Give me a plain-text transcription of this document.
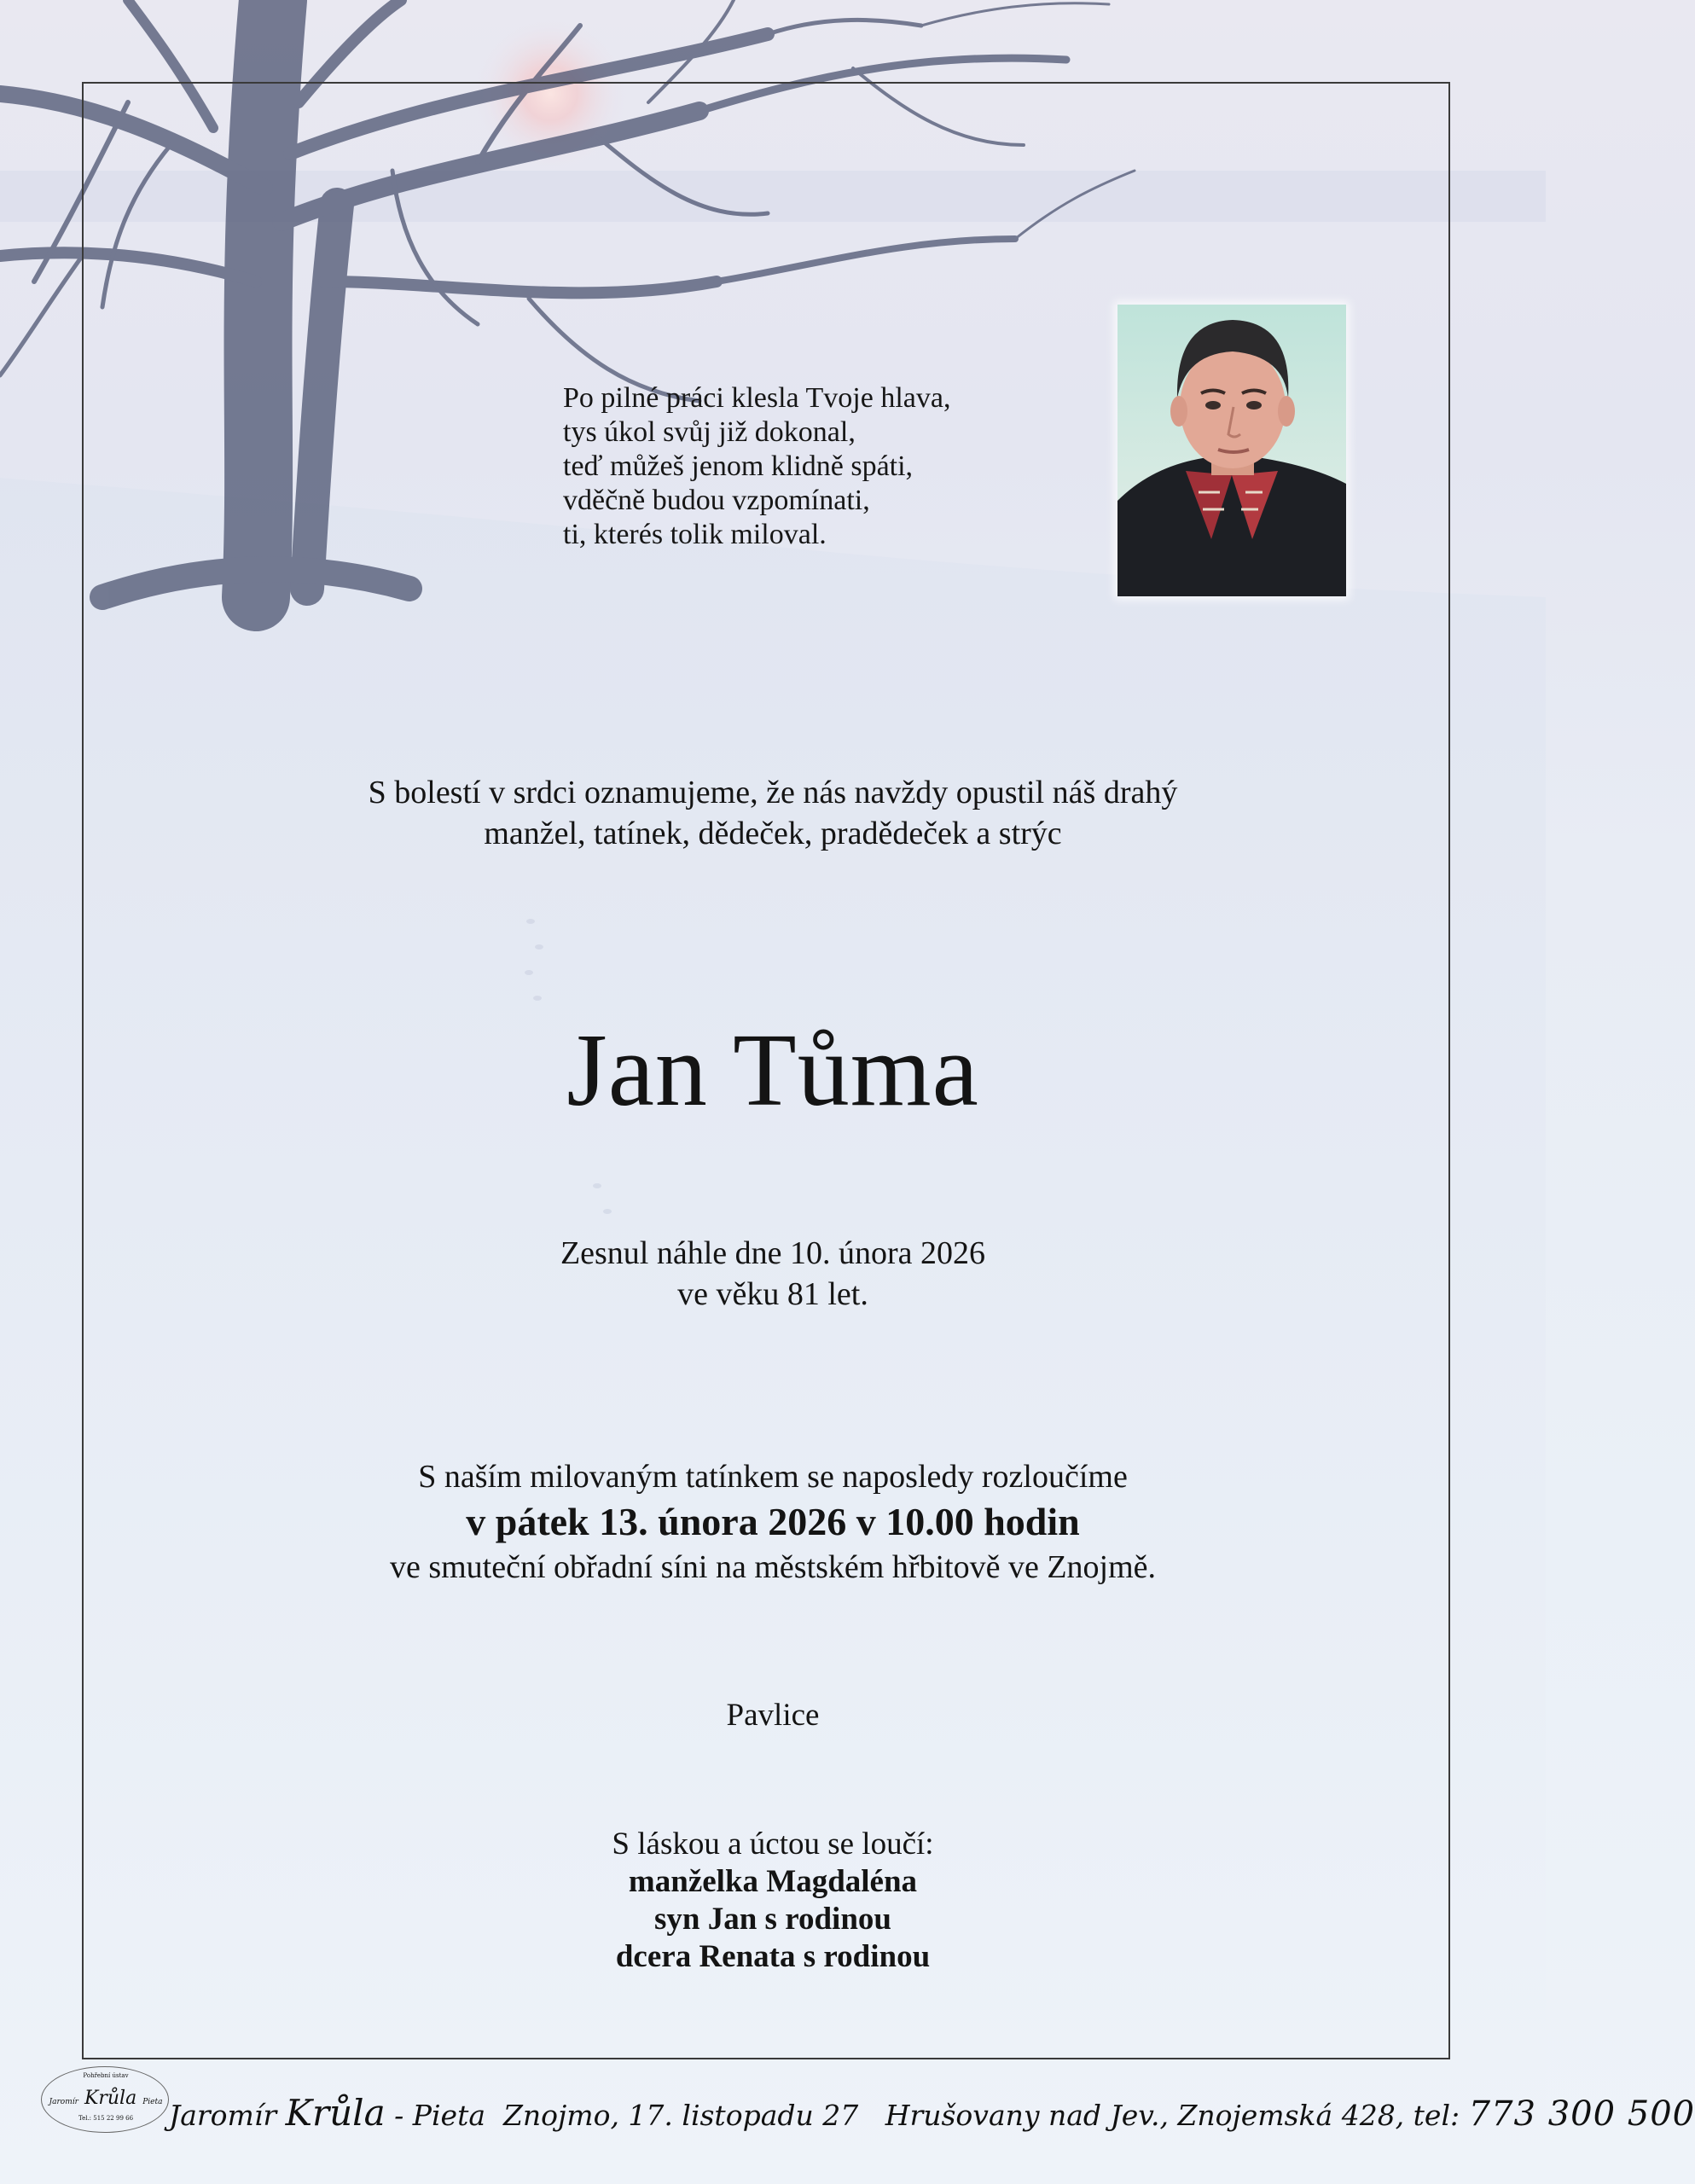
Po pilné práci klesla Tvoje hlava,
tys úkol svůj již dokonal,
teď můžeš jenom klidně spáti,
vděčně budou vzpomínati,
ti, kterés tolik miloval.
S bolestí v srdci oznamujeme, že nás navždy opustil náš drahý
manžel, tatínek, dědeček, pradědeček a strýc
Jan Tůma
Zesnul náhle dne 10. února 2026
ve věku 81 let.
S naším milovaným tatínkem se naposledy rozloučíme
v pátek 13. února 2026 v 10.00 hodin
ve smuteční obřadní síni na městském hřbitově ve Znojmě.
Pavlice
S láskou a úctou se loučí:
manželka Magdaléna
syn Jan s rodinou
dcera Renata s rodinou
Pohřební ústav
Jaromír Krůla Pieta
Tel.: 515 22 99 66	Jaromír Krůla - Pieta  Znojmo, 17. listopadu 27   Hrušovany nad Jev., Znojemská 428, tel: 773 300 500
